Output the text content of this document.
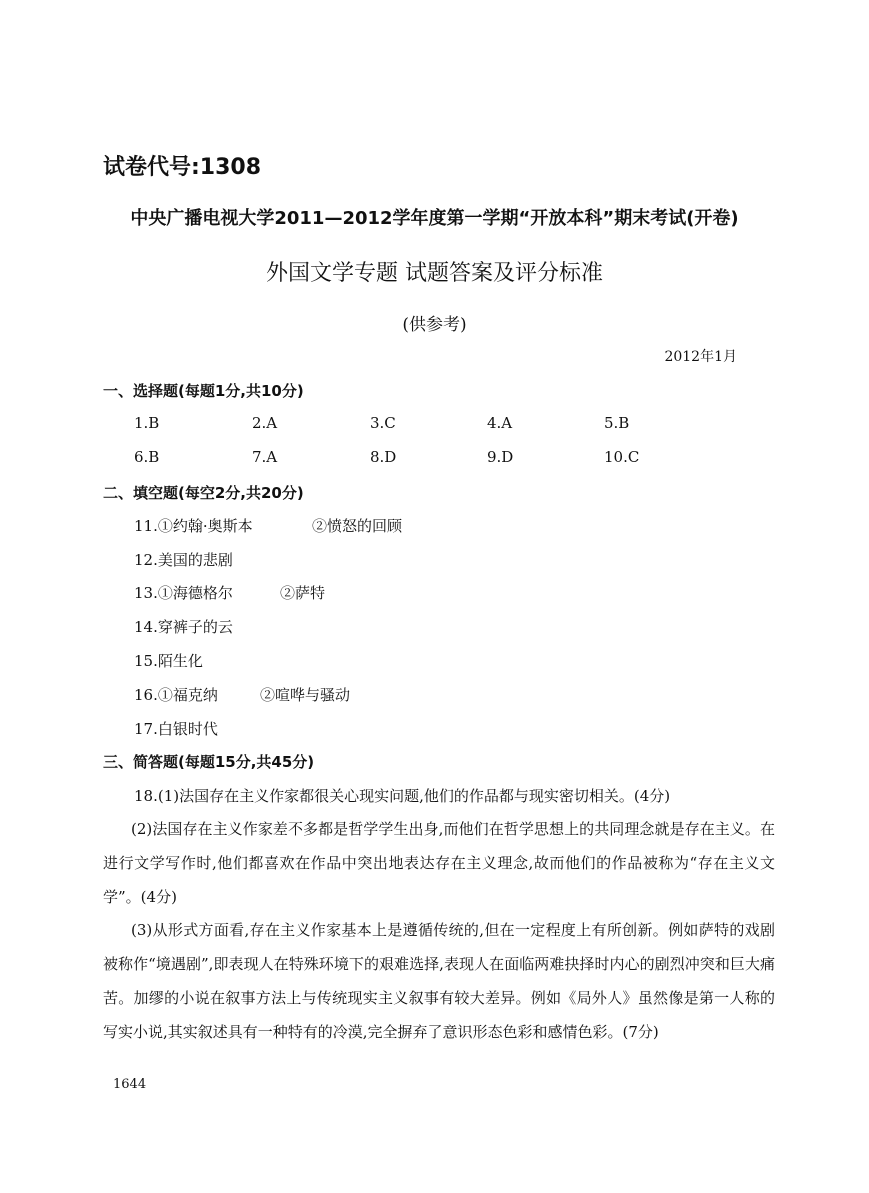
试卷代号:1308
中央广播电视大学2011—2012学年度第一学期“开放本科”期末考试(开卷)
外国文学专题 试题答案及评分标准
(供参考)
2012年1月
一、选择题(每题1分,共10分)
1.B	2.A	3.C	4.A	5.B
6.B	7.A	8.D	9.D	10.C
二、填空题(每空2分,共20分)
11.①约翰·奥斯本	②愤怒的回顾
12.美国的悲剧
13.①海德格尔	②萨特
14.穿裤子的云
15.陌生化
16.①福克纳	②喧哗与骚动
17.白银时代
三、简答题(每题15分,共45分)
18.(1)法国存在主义作家都很关心现实问题,他们的作品都与现实密切相关。(4分)
(2)法国存在主义作家差不多都是哲学学生出身,而他们在哲学思想上的共同理念就是存在主义。在进行文学写作时,他们都喜欢在作品中突出地表达存在主义理念,故而他们的作品被称为“存在主义文学”。(4分)
(3)从形式方面看,存在主义作家基本上是遵循传统的,但在一定程度上有所创新。例如萨特的戏剧被称作“境遇剧”,即表现人在特殊环境下的艰难选择,表现人在面临两难抉择时内心的剧烈冲突和巨大痛苦。加缪的小说在叙事方法上与传统现实主义叙事有较大差异。例如《局外人》虽然像是第一人称的写实小说,其实叙述具有一种特有的冷漠,完全摒弃了意识形态色彩和感情色彩。(7分)
1644
